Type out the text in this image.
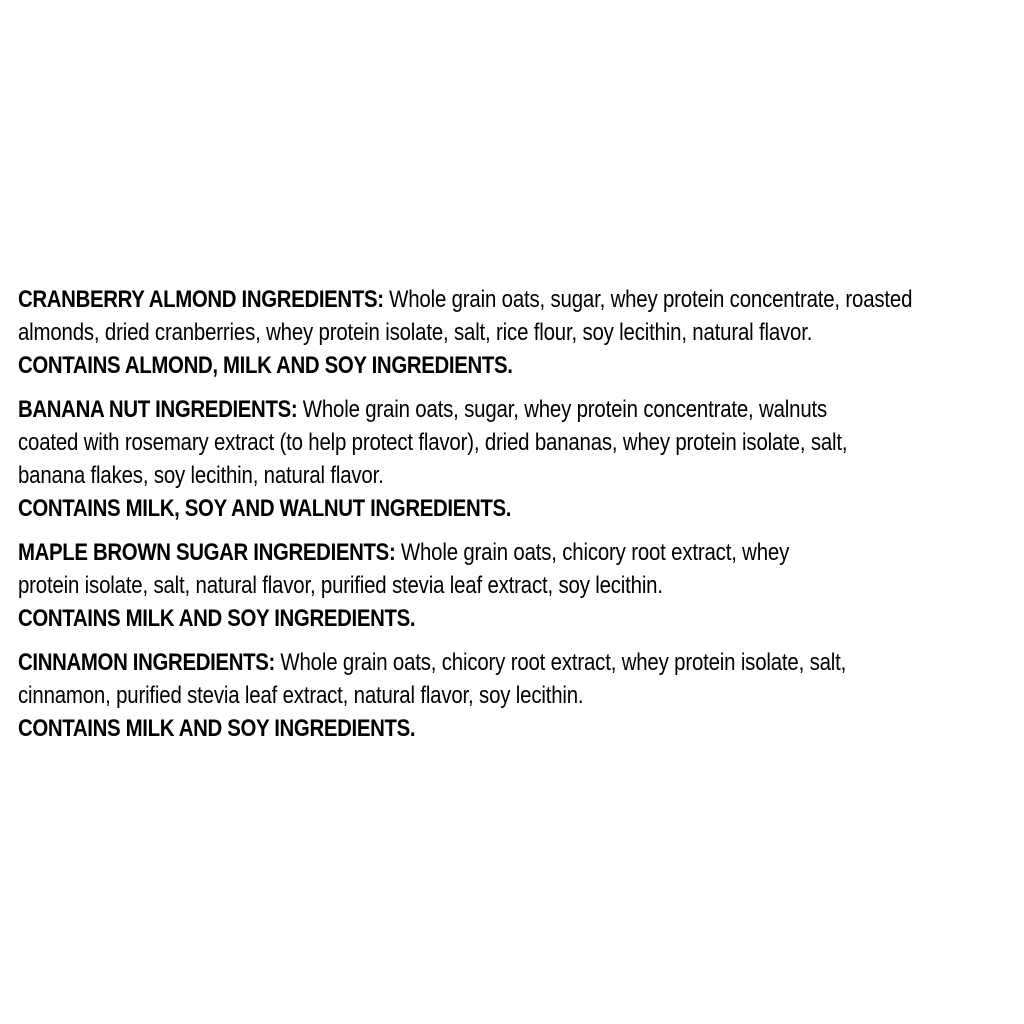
CRANBERRY ALMOND INGREDIENTS: Whole grain oats, sugar, whey protein concentrate, roasted
almonds, dried cranberries, whey protein isolate, salt, rice flour, soy lecithin, natural flavor.
CONTAINS ALMOND, MILK AND SOY INGREDIENTS.
BANANA NUT INGREDIENTS: Whole grain oats, sugar, whey protein concentrate, walnuts
coated with rosemary extract (to help protect flavor), dried bananas, whey protein isolate, salt,
banana flakes, soy lecithin, natural flavor.
CONTAINS MILK, SOY AND WALNUT INGREDIENTS.
MAPLE BROWN SUGAR INGREDIENTS: Whole grain oats, chicory root extract, whey
protein isolate, salt, natural flavor, purified stevia leaf extract, soy lecithin.
CONTAINS MILK AND SOY INGREDIENTS.
CINNAMON INGREDIENTS: Whole grain oats, chicory root extract, whey protein isolate, salt,
cinnamon, purified stevia leaf extract, natural flavor, soy lecithin.
CONTAINS MILK AND SOY INGREDIENTS.
